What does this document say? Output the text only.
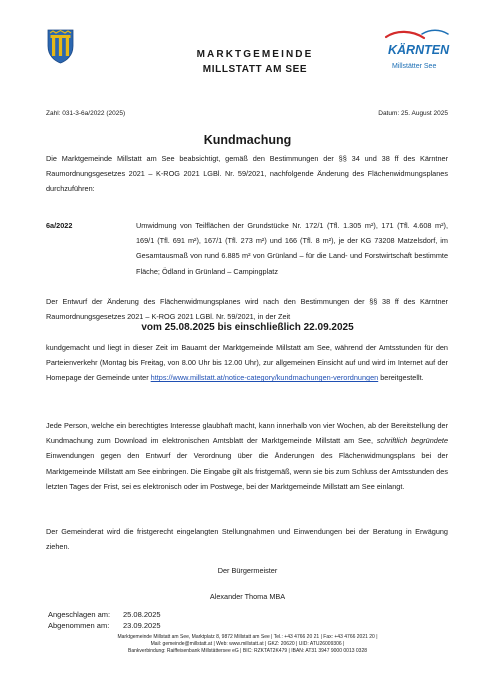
MARKTGEMEINDE
MILLSTATT AM SEE
KÄRNTEN
Millstätter See
Zahl: 031-3-6a/2022 (2025)	Datum: 25. August 2025
Kundmachung

Die Marktgemeinde Millstatt am See beabsichtigt, gemäß den Bestimmungen der §§ 34 und 38 ff des Kärntner Raumordnungsgesetzes 2021 – K-ROG 2021 LGBl. Nr. 59/2021, nachfolgende Änderung des Flächenwidmungsplanes durchzuführen:

6a/2022	Umwidmung von Teilflächen der Grundstücke Nr. 172/1 (Tfl. 1.305 m²), 171 (Tfl. 4.608 m²), 169/1 (Tfl. 691 m²), 167/1 (Tfl. 273 m²) und 166 (Tfl. 8 m²), je der KG 73208 Matzelsdorf, im Gesamtausmaß von rund 6.885 m² von Grünland – für die Land- und Forstwirtschaft bestimmte Fläche; Ödland in Grünland – Campingplatz

Der Entwurf der Änderung des Flächenwidmungsplanes wird nach den Bestimmungen der §§ 38 ff des Kärntner Raumordnungsgesetzes 2021 – K-ROG 2021 LGBl. Nr. 59/2021, in der Zeit

vom 25.08.2025 bis einschließlich 22.09.2025

kundgemacht und liegt in dieser Zeit im Bauamt der Marktgemeinde Millstatt am See, während der Amtsstunden für den Parteienverkehr (Montag bis Freitag, von 8.00 Uhr bis 12.00 Uhr), zur allgemeinen Einsicht auf und wird im Internet auf der Homepage der Gemeinde unter https://www.millstatt.at/notice-category/kundmachungen-verordnungen bereitgestellt.

Jede Person, welche ein berechtigtes Interesse glaubhaft macht, kann innerhalb von vier Wochen, ab der Bereitstellung der Kundmachung zum Download im elektronischen Amtsblatt der Marktgemeinde Millstatt am See, schriftlich begründete Einwendungen gegen den Entwurf der Verordnung über die Änderungen des Flächenwidmungsplans bei der Marktgemeinde Millstatt am See einbringen. Die Eingabe gilt als fristgemäß, wenn sie bis zum Schluss der Amtsstunden des letzten Tages der Frist, sei es elektronisch oder im Postwege, bei der Marktgemeinde Millstatt am See einlangt.

Der Gemeinderat wird die fristgerecht eingelangten Stellungnahmen und Einwendungen bei der Beratung in Erwägung ziehen.

Der Bürgermeister
Alexander Thoma MBA
Angeschlagen am: 25.08.2025
Abgenommen am: 23.09.2025
Marktgemeinde Millstatt am See, Marktplatz 8, 9872 Millstatt am See | Tel.: +43 4766 20 21 | Fax: +43 4766 2021 20 |
Mail: gemeinde@millstatt.at | Web: www.millstatt.at | GKZ: 20620 | UID: ATU26009306 |
Bankverbindung: Raiffeisenbank Millstättersee eG | BIC: RZKTAT2K479 | IBAN: AT31 3947 9000 0013 0328
